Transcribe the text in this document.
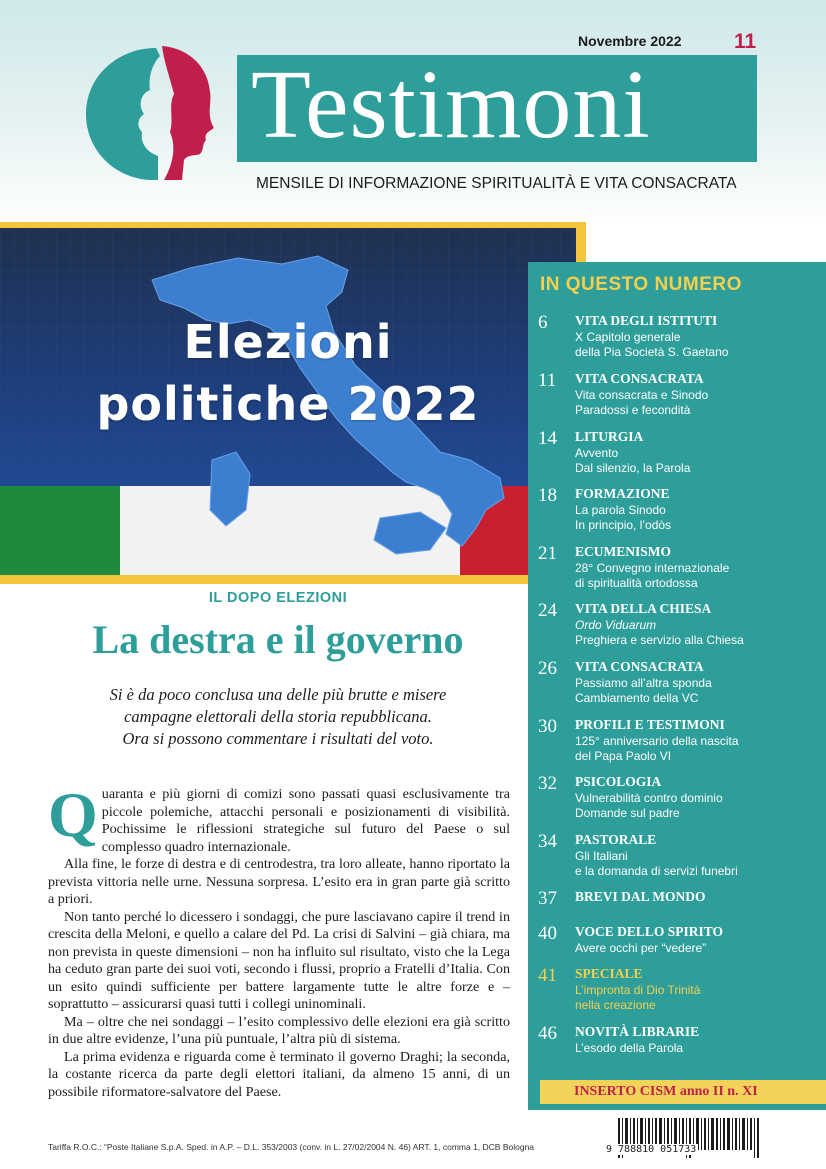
Novembre 2022 11
Testimoni
MENSILE DI INFORMAZIONE SPIRITUALITÀ E VITA CONSACRATA
Elezioni
politiche 2022
IL DOPO ELEZIONI
La destra e il governo
Si è da poco conclusa una delle più brutte e misere
campagne elettorali della storia repubblicana.
Ora si possono commentare i risultati del voto.

Quaranta e più giorni di comizi sono passati quasi esclusivamente tra piccole polemiche, attacchi personali e posizionamenti di visibilità. Pochissime le riflessioni strategiche sul futuro del Paese o sul complesso quadro internazionale.

Alla fine, le forze di destra e di centrodestra, tra loro alleate, hanno riportato la prevista vittoria nelle urne. Nessuna sorpresa. L’esito era in gran parte già scritto a priori.

Non tanto perché lo dicessero i sondaggi, che pure lasciavano capire il trend in crescita della Meloni, e quello a calare del Pd. La crisi di Salvini – già chiara, ma non prevista in queste dimensioni – non ha influito sul risultato, visto che la Lega ha ceduto gran parte dei suoi voti, secondo i flussi, proprio a Fratelli d’Italia. Con un esito quindi sufficiente per battere largamente tutte le altre forze e – soprattutto – assicurarsi quasi tutti i collegi uninominali.

Ma – oltre che nei sondaggi – l’esito complessivo delle elezioni era già scritto in due altre evidenze, l’una più puntuale, l’altra più di sistema.

La prima evidenza e riguarda come è terminato il governo Draghi; la seconda, la costante ricerca da parte degli elettori italiani, da almeno 15 anni, di un possibile riformatore-salvatore del Paese.

IN QUESTO NUMERO
6 VITA DEGLI ISTITUTI
X Capitolo generale
della Pia Società S. Gaetano
11 VITA CONSACRATA
Vita consacrata e Sinodo
Paradossi e fecondità
14 LITURGIA
Avvento
Dal silenzio, la Parola
18 FORMAZIONE
La parola Sinodo
In principio, l’odòs
21 ECUMENISMO
28° Convegno internazionale
di spiritualità ortodossa
24 VITA DELLA CHIESA
Ordo Viduarum
Preghiera e servizio alla Chiesa
26 VITA CONSACRATA
Passiamo all’altra sponda
Cambiamento della VC
30 PROFILI E TESTIMONI
125° anniversario della nascita
del Papa Paolo VI
32 PSICOLOGIA
Vulnerabilità contro dominio
Domande sul padre
34 PASTORALE
Gli Italiani
e la domanda di servizi funebri
37 BREVI DAL MONDO
40 VOCE DELLO SPIRITO
Avere occhi per “vedere”
41 SPECIALE
L’impronta di Dio Trinità
nella creazione
46 NOVITÀ LIBRARIE
L’esodo della Parola
INSERTO CISM anno II n. XI
Tariffa R.O.C.: “Poste Italiane S.p.A. Sped. in A.P. – D.L. 353/2003 (conv. in L. 27/02/2004 N. 46) ART. 1, comma 1, DCB Bologna	9 788810 051733
